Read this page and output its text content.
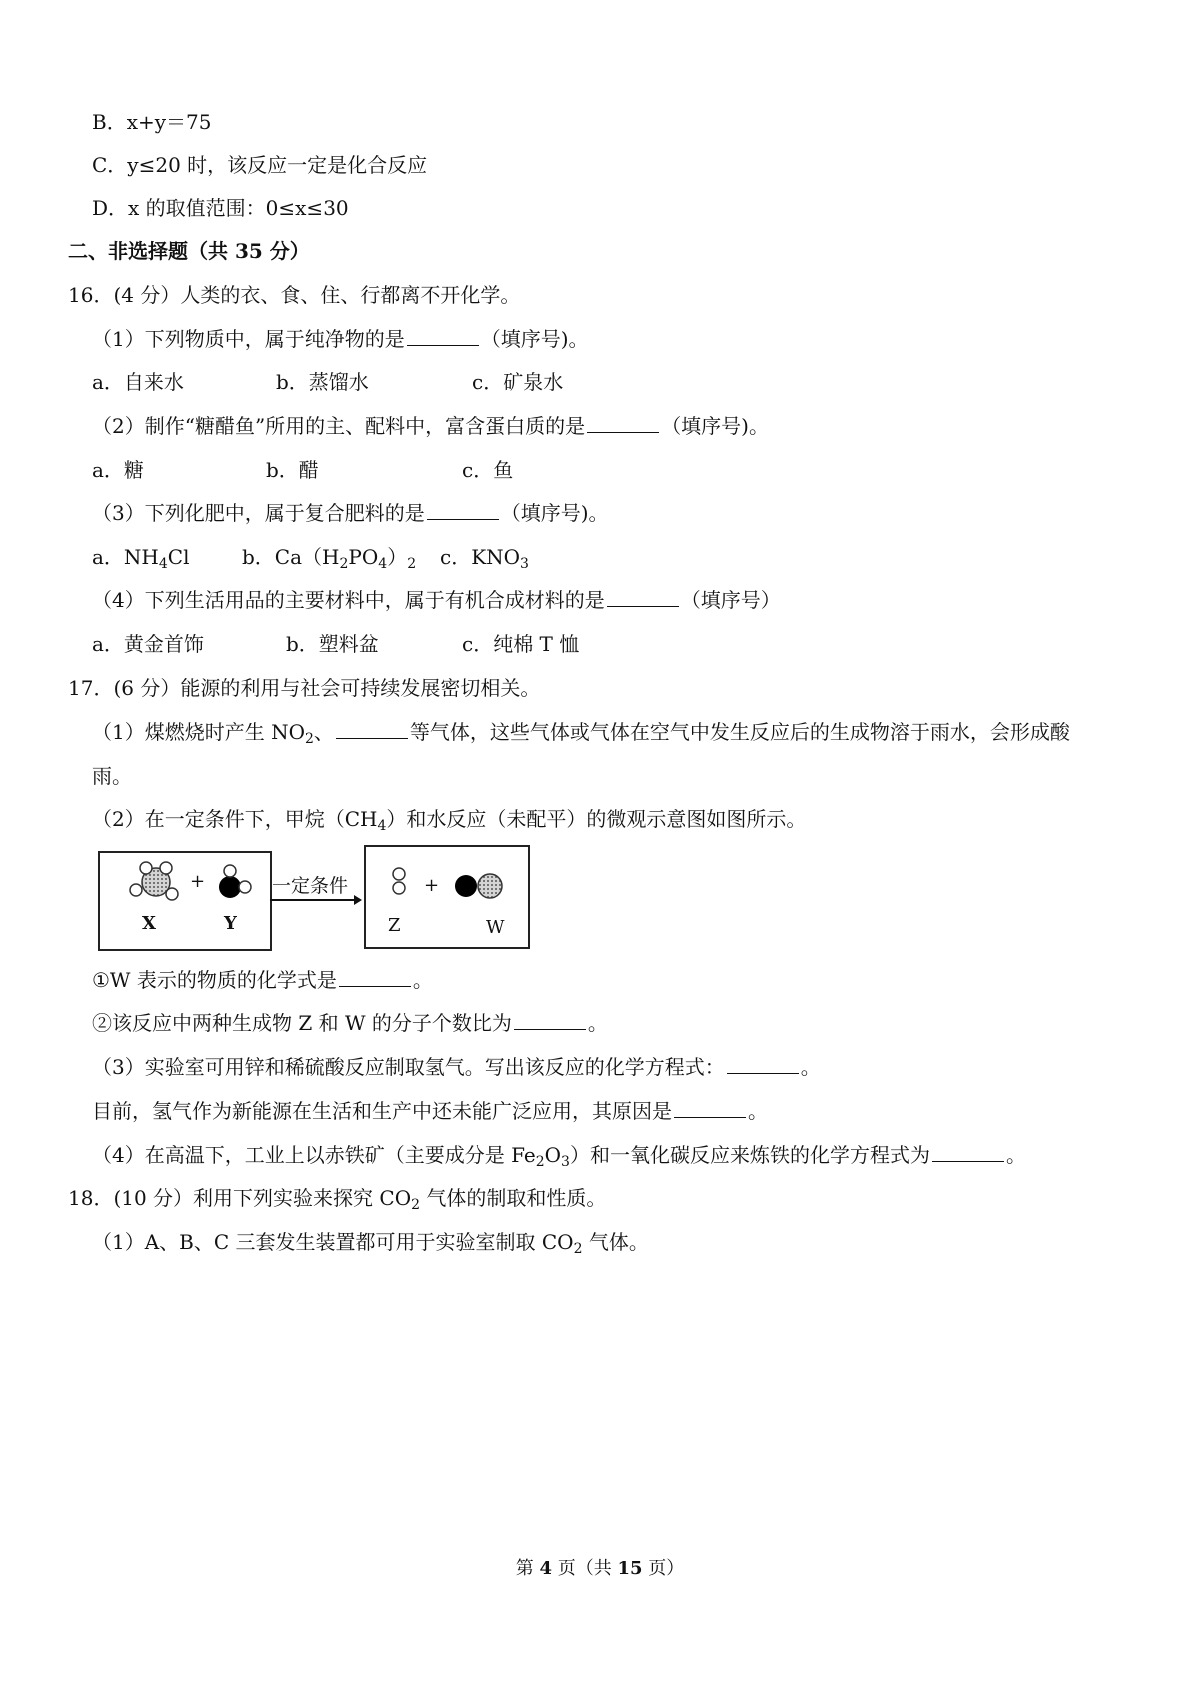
B．x+y＝75
C．y≤20 时，该反应一定是化合反应
D．x 的取值范围：0≤x≤30
二、非选择题（共 35 分）
16．(4 分）人类的衣、食、住、行都离不开化学。
（1）下列物质中，属于纯净物的是	（填序号)。
a．自来水	b．蒸馏水	c．矿泉水
（2）制作“糖醋鱼”所用的主、配料中，富含蛋白质的是	（填序号)。
a．糖	b．醋	c．鱼
（3）下列化肥中，属于复合肥料的是	（填序号)。
a．$NH_4Cl$	b．$Ca(H_2PO_4)_2$ c．$KNO_3$
（4）下列生活用品的主要材料中，属于有机合成材料的是	（填序号）
a．黄金首饰	b．塑料盆	c．纯棉 T 恤
17．(6 分）能源的利用与社会可持续发展密切相关。
（1）煤燃烧时产生 $NO_2$、	等气体，这些气体或气体在空气中发生反应后的生成物溶于雨水，会形成酸
雨。
（2）在一定条件下，甲烷$(CH_4)$和水反应（未配平）的微观示意图如图所示。
+
X	Y
一定条件	+
Z	W
①W 表示的物质的化学式是	。
②该反应中两种生成物 Z 和 W 的分子个数比为	。
（3）实验室可用锌和稀硫酸反应制取氢气。写出该反应的化学方程式：	。
目前，氢气作为新能源在生活和生产中还未能广泛应用，其原因是	。
（4）在高温下，工业上以赤铁矿（主要成分是 $Fe_2O_3$）和一氧化碳反应来炼铁的化学方程式为	。
18．(10 分）利用下列实验来探究 $CO_2$ 气体的制取和性质。
（1）A、B、C 三套发生装置都可用于实验室制取 $CO_2$ 气体。
第 4 页（共 15 页）
